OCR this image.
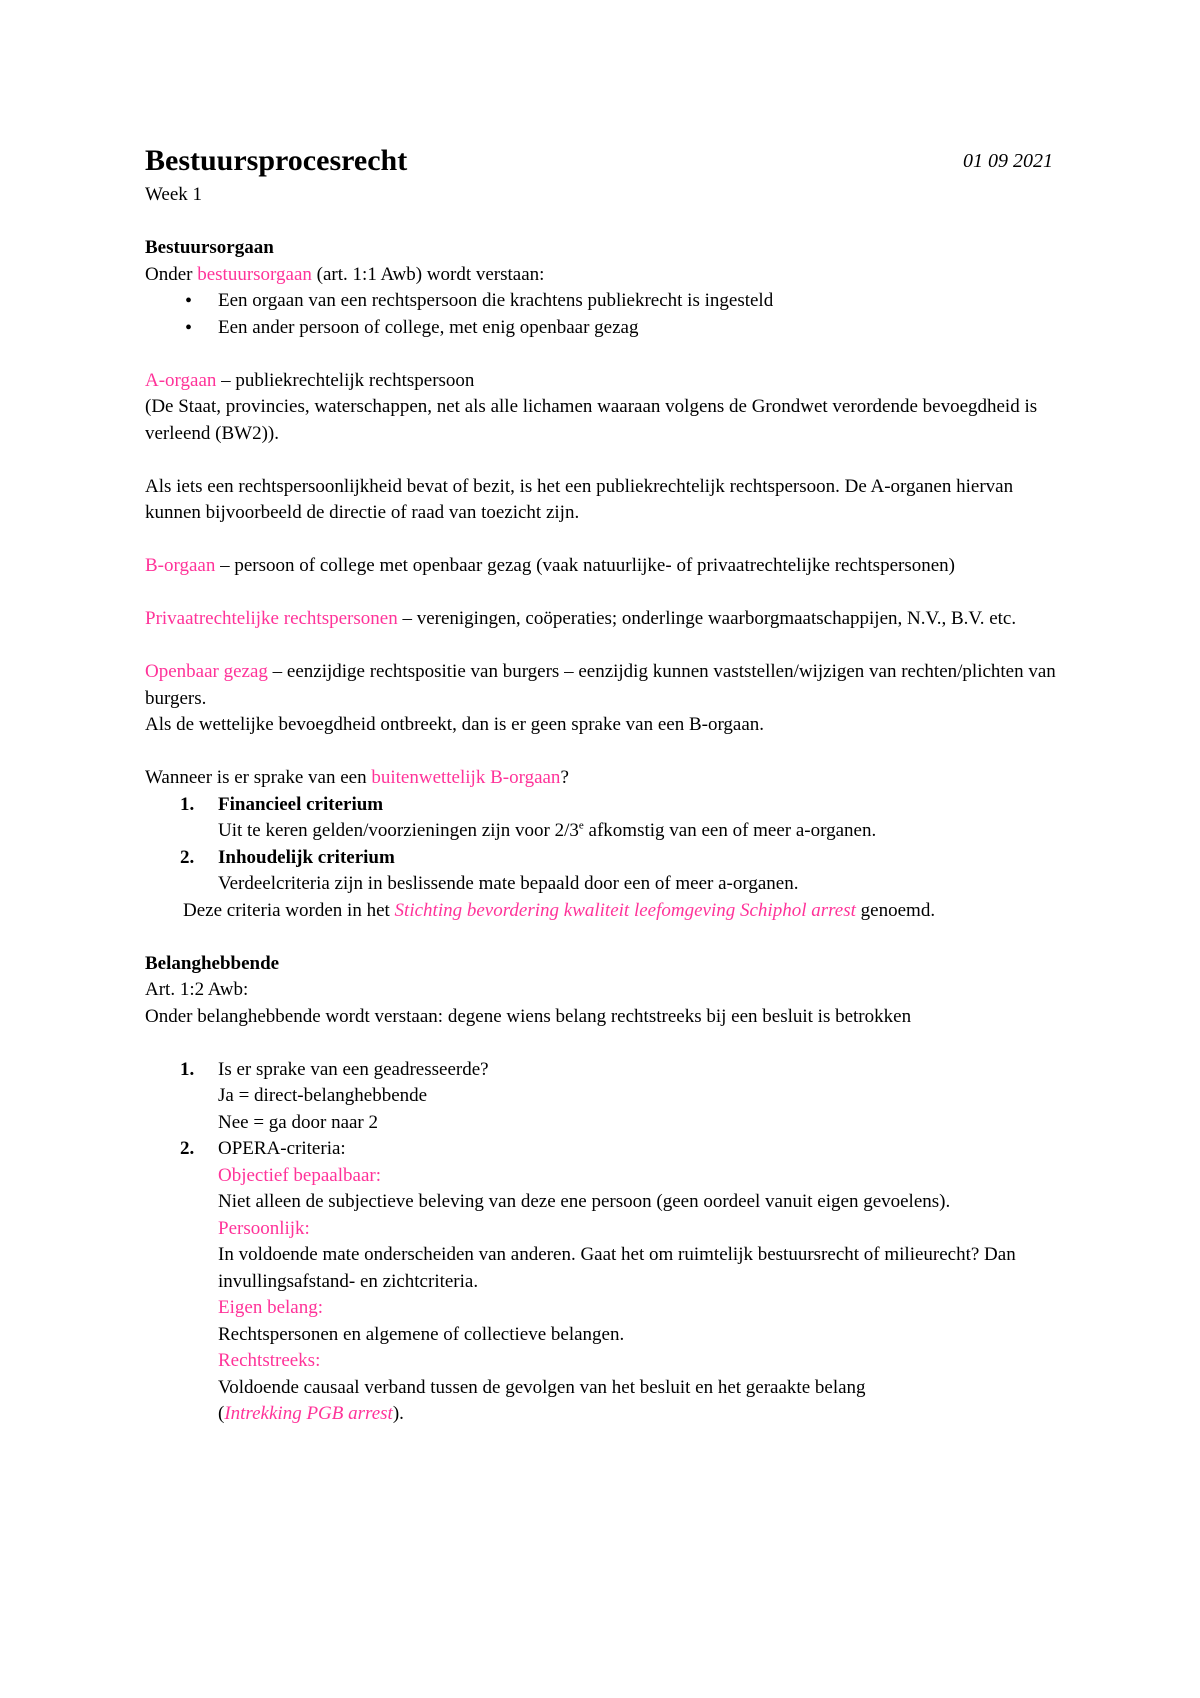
Bestuursprocesrecht	01 09 2021

Week 1

Bestuursorgaan

Onder bestuursorgaan (art. 1:1 Awb) wordt verstaan:

• Een orgaan van een rechtspersoon die krachtens publiekrecht is ingesteld
• Een ander persoon of college, met enig openbaar gezag

A-orgaan – publiekrechtelijk rechtspersoon

(De Staat, provincies, waterschappen, net als alle lichamen waaraan volgens de Grondwet verordende bevoegdheid is verleend (BW2)).

Als iets een rechtspersoonlijkheid bevat of bezit, is het een publiekrechtelijk rechtspersoon. De A-organen hiervan kunnen bijvoorbeeld de directie of raad van toezicht zijn.

B-orgaan – persoon of college met openbaar gezag (vaak natuurlijke- of privaatrechtelijke rechtspersonen)

Privaatrechtelijke rechtspersonen – verenigingen, coöperaties; onderlinge waarborgmaatschappijen, N.V., B.V. etc.

Openbaar gezag – eenzijdige rechtspositie van burgers – eenzijdig kunnen vaststellen/wijzigen van rechten/plichten van burgers.

Als de wettelijke bevoegdheid ontbreekt, dan is er geen sprake van een B-orgaan.

Wanneer is er sprake van een buitenwettelijk B-orgaan?

1. Financieel criterium
Uit te keren gelden/voorzieningen zijn voor 2/3e afkomstig van een of meer a-organen.
2. Inhoudelijk criterium
Verdeelcriteria zijn in beslissende mate bepaald door een of meer a-organen.

Deze criteria worden in het Stichting bevordering kwaliteit leefomgeving Schiphol arrest genoemd.

Belanghebbende

Art. 1:2 Awb:

Onder belanghebbende wordt verstaan: degene wiens belang rechtstreeks bij een besluit is betrokken

1. Is er sprake van een geadresseerde?
Ja = direct-belanghebbende
Nee = ga door naar 2
2. OPERA-criteria:
Objectief bepaalbaar:
Niet alleen de subjectieve beleving van deze ene persoon (geen oordeel vanuit eigen gevoelens).
Persoonlijk:
In voldoende mate onderscheiden van anderen. Gaat het om ruimtelijk bestuursrecht of milieurecht? Dan invullingsafstand- en zichtcriteria.
Eigen belang:
Rechtspersonen en algemene of collectieve belangen.
Rechtstreeks:
Voldoende causaal verband tussen de gevolgen van het besluit en het geraakte belang
(Intrekking PGB arrest).
